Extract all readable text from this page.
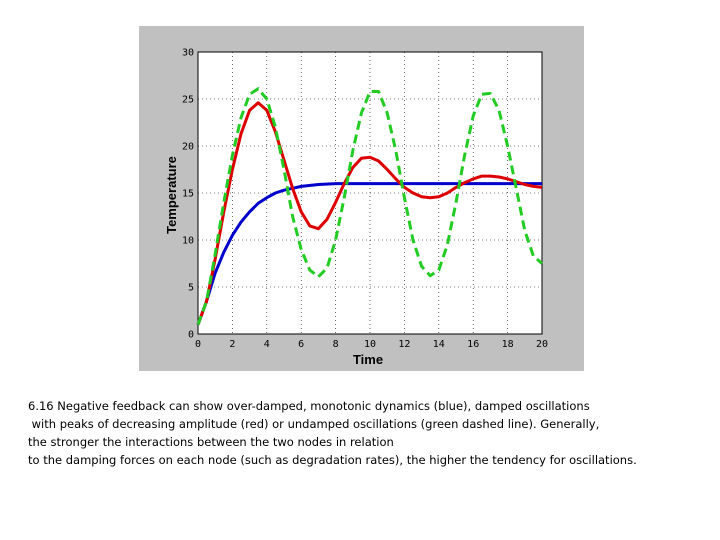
0	2	4	6	8	10 12 14 16 18 20
0
5
10
15
20
25
30
Time
Temperature
6.16 Negative feedback can show over-damped, monotonic dynamics (blue), damped oscillations
with peaks of decreasing amplitude (red) or undamped oscillations (green dashed line). Generally,
the stronger the interactions between the two nodes in relation
to the damping forces on each node (such as degradation rates), the higher the tendency for oscillations.
